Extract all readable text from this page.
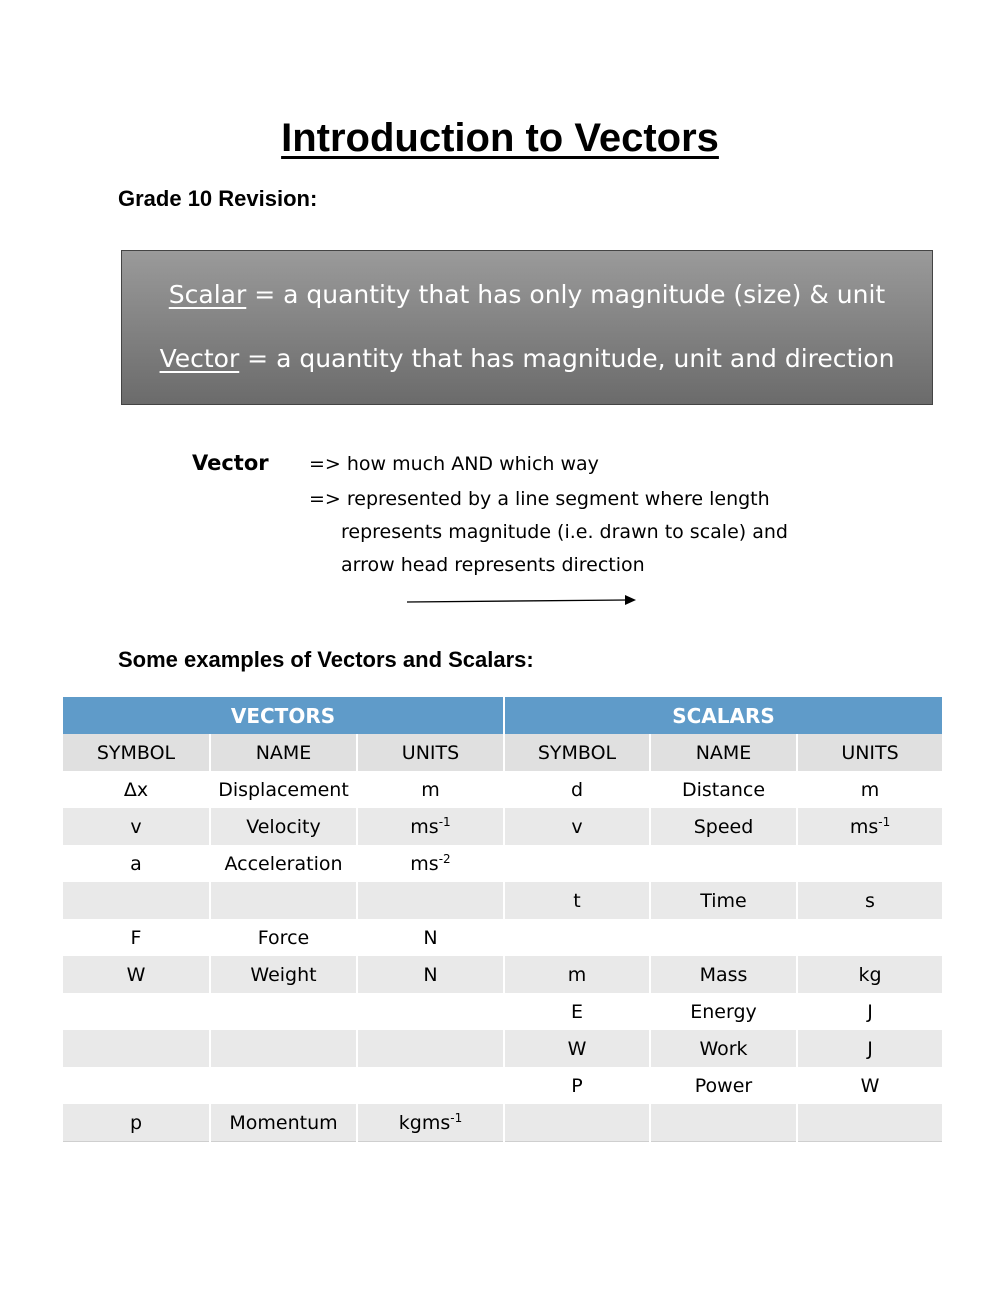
Introduction to Vectors
Grade 10 Revision:
Scalar = a quantity that has only magnitude (size) & unit
Vector = a quantity that has magnitude, unit and direction
Vector => how much AND which way
=> represented by a line segment where length
represents magnitude (i.e. drawn to scale) and
arrow head represents direction
Some examples of Vectors and Scalars:
VECTORS			SCALARS		
SYMBOL	NAME	UNITS	SYMBOL	NAME	UNITS
Δx	Displacement	m	d	Distance	m
v	Velocity	$ms^{-1}$	v	Speed	$ms^{-1}$
a	Acceleration	$ms^{-2}$			
			t	Time	s
F	Force	N			
W	Weight	N	m	Mass	kg
			E	Energy	J
			W	Work	J
			P	Power	W
p	Momentum	kgms$^{-1}$			
